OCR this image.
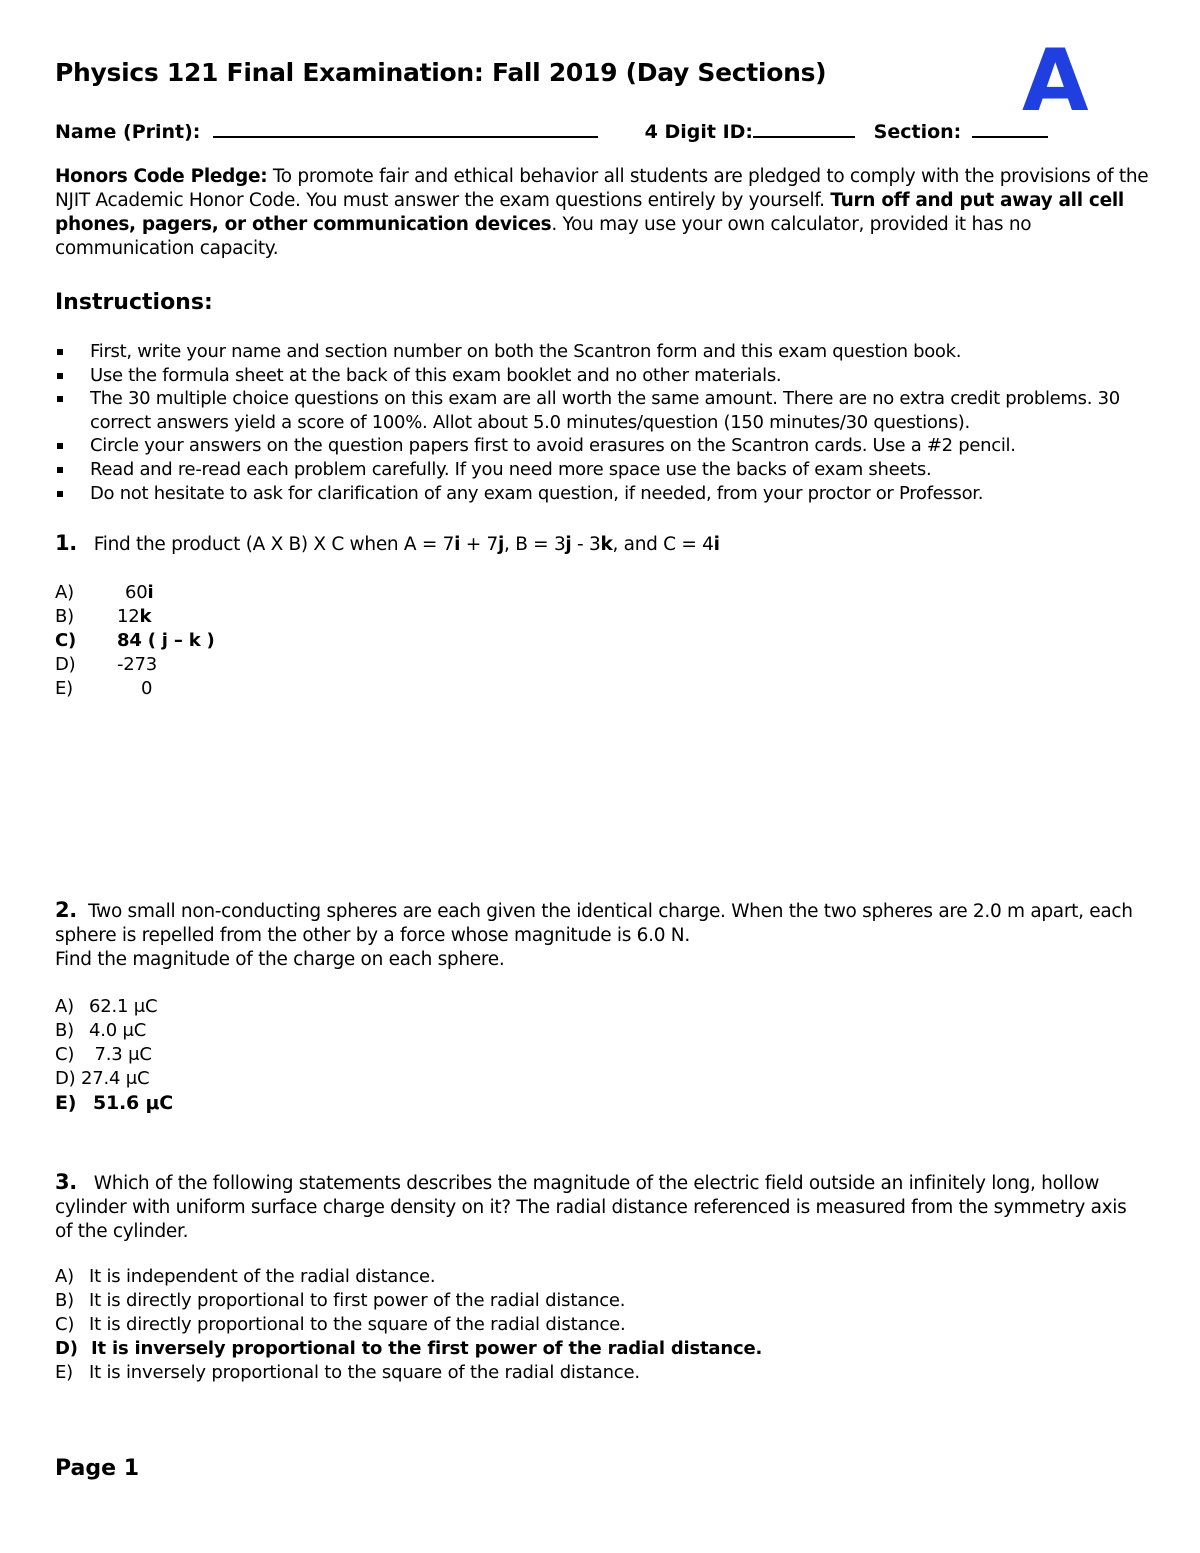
Physics 121 Final Examination: Fall 2019 (Day Sections) A
Name (Print):	4 Digit ID:	Section:
Honors Code Pledge: To promote fair and ethical behavior all students are pledged to comply with the provisions of the NJIT Academic Honor Code. You must answer the exam questions entirely by yourself. Turn off and put away all cell phones, pagers, or other communication devices. You may use your own calculator, provided it has no communication capacity.
Instructions:
First, write your name and section number on both the Scantron form and this exam question book.
Use the formula sheet at the back of this exam booklet and no other materials.
The 30 multiple choice questions on this exam are all worth the same amount. There are no extra credit problems. 30 correct answers yield a score of 100%. Allot about 5.0 minutes/question (150 minutes/30 questions).
Circle your answers on the question papers first to avoid erasures on the Scantron cards. Use a #2 pencil.
Read and re-read each problem carefully. If you need more space use the backs of exam sheets.
Do not hesitate to ask for clarification of any exam question, if needed, from your proctor or Professor.
1. Find the product (A X B) X C when A = 7i + 7j, B = 3j - 3k, and C = 4i
A)	60i
B) 12k
C) 84 ( j – k )
D) -273
E)	0
2. Two small non-conducting spheres are each given the identical charge. When the two spheres are 2.0 m apart, each sphere is repelled from the other by a force whose magnitude is 6.0 N.
Find the magnitude of the charge on each sphere.
A) 62.1 μC
B) 4.0 μC
C) 7.3 μC
D) 27.4 μC
E) 51.6 μC
3. Which of the following statements describes the magnitude of the electric field outside an infinitely long, hollow cylinder with uniform surface charge density on it? The radial distance referenced is measured from the symmetry axis of the cylinder.
A) It is independent of the radial distance.
B) It is directly proportional to first power of the radial distance.
C) It is directly proportional to the square of the radial distance.
D) It is inversely proportional to the first power of the radial distance.
E) It is inversely proportional to the square of the radial distance.
Page 1
